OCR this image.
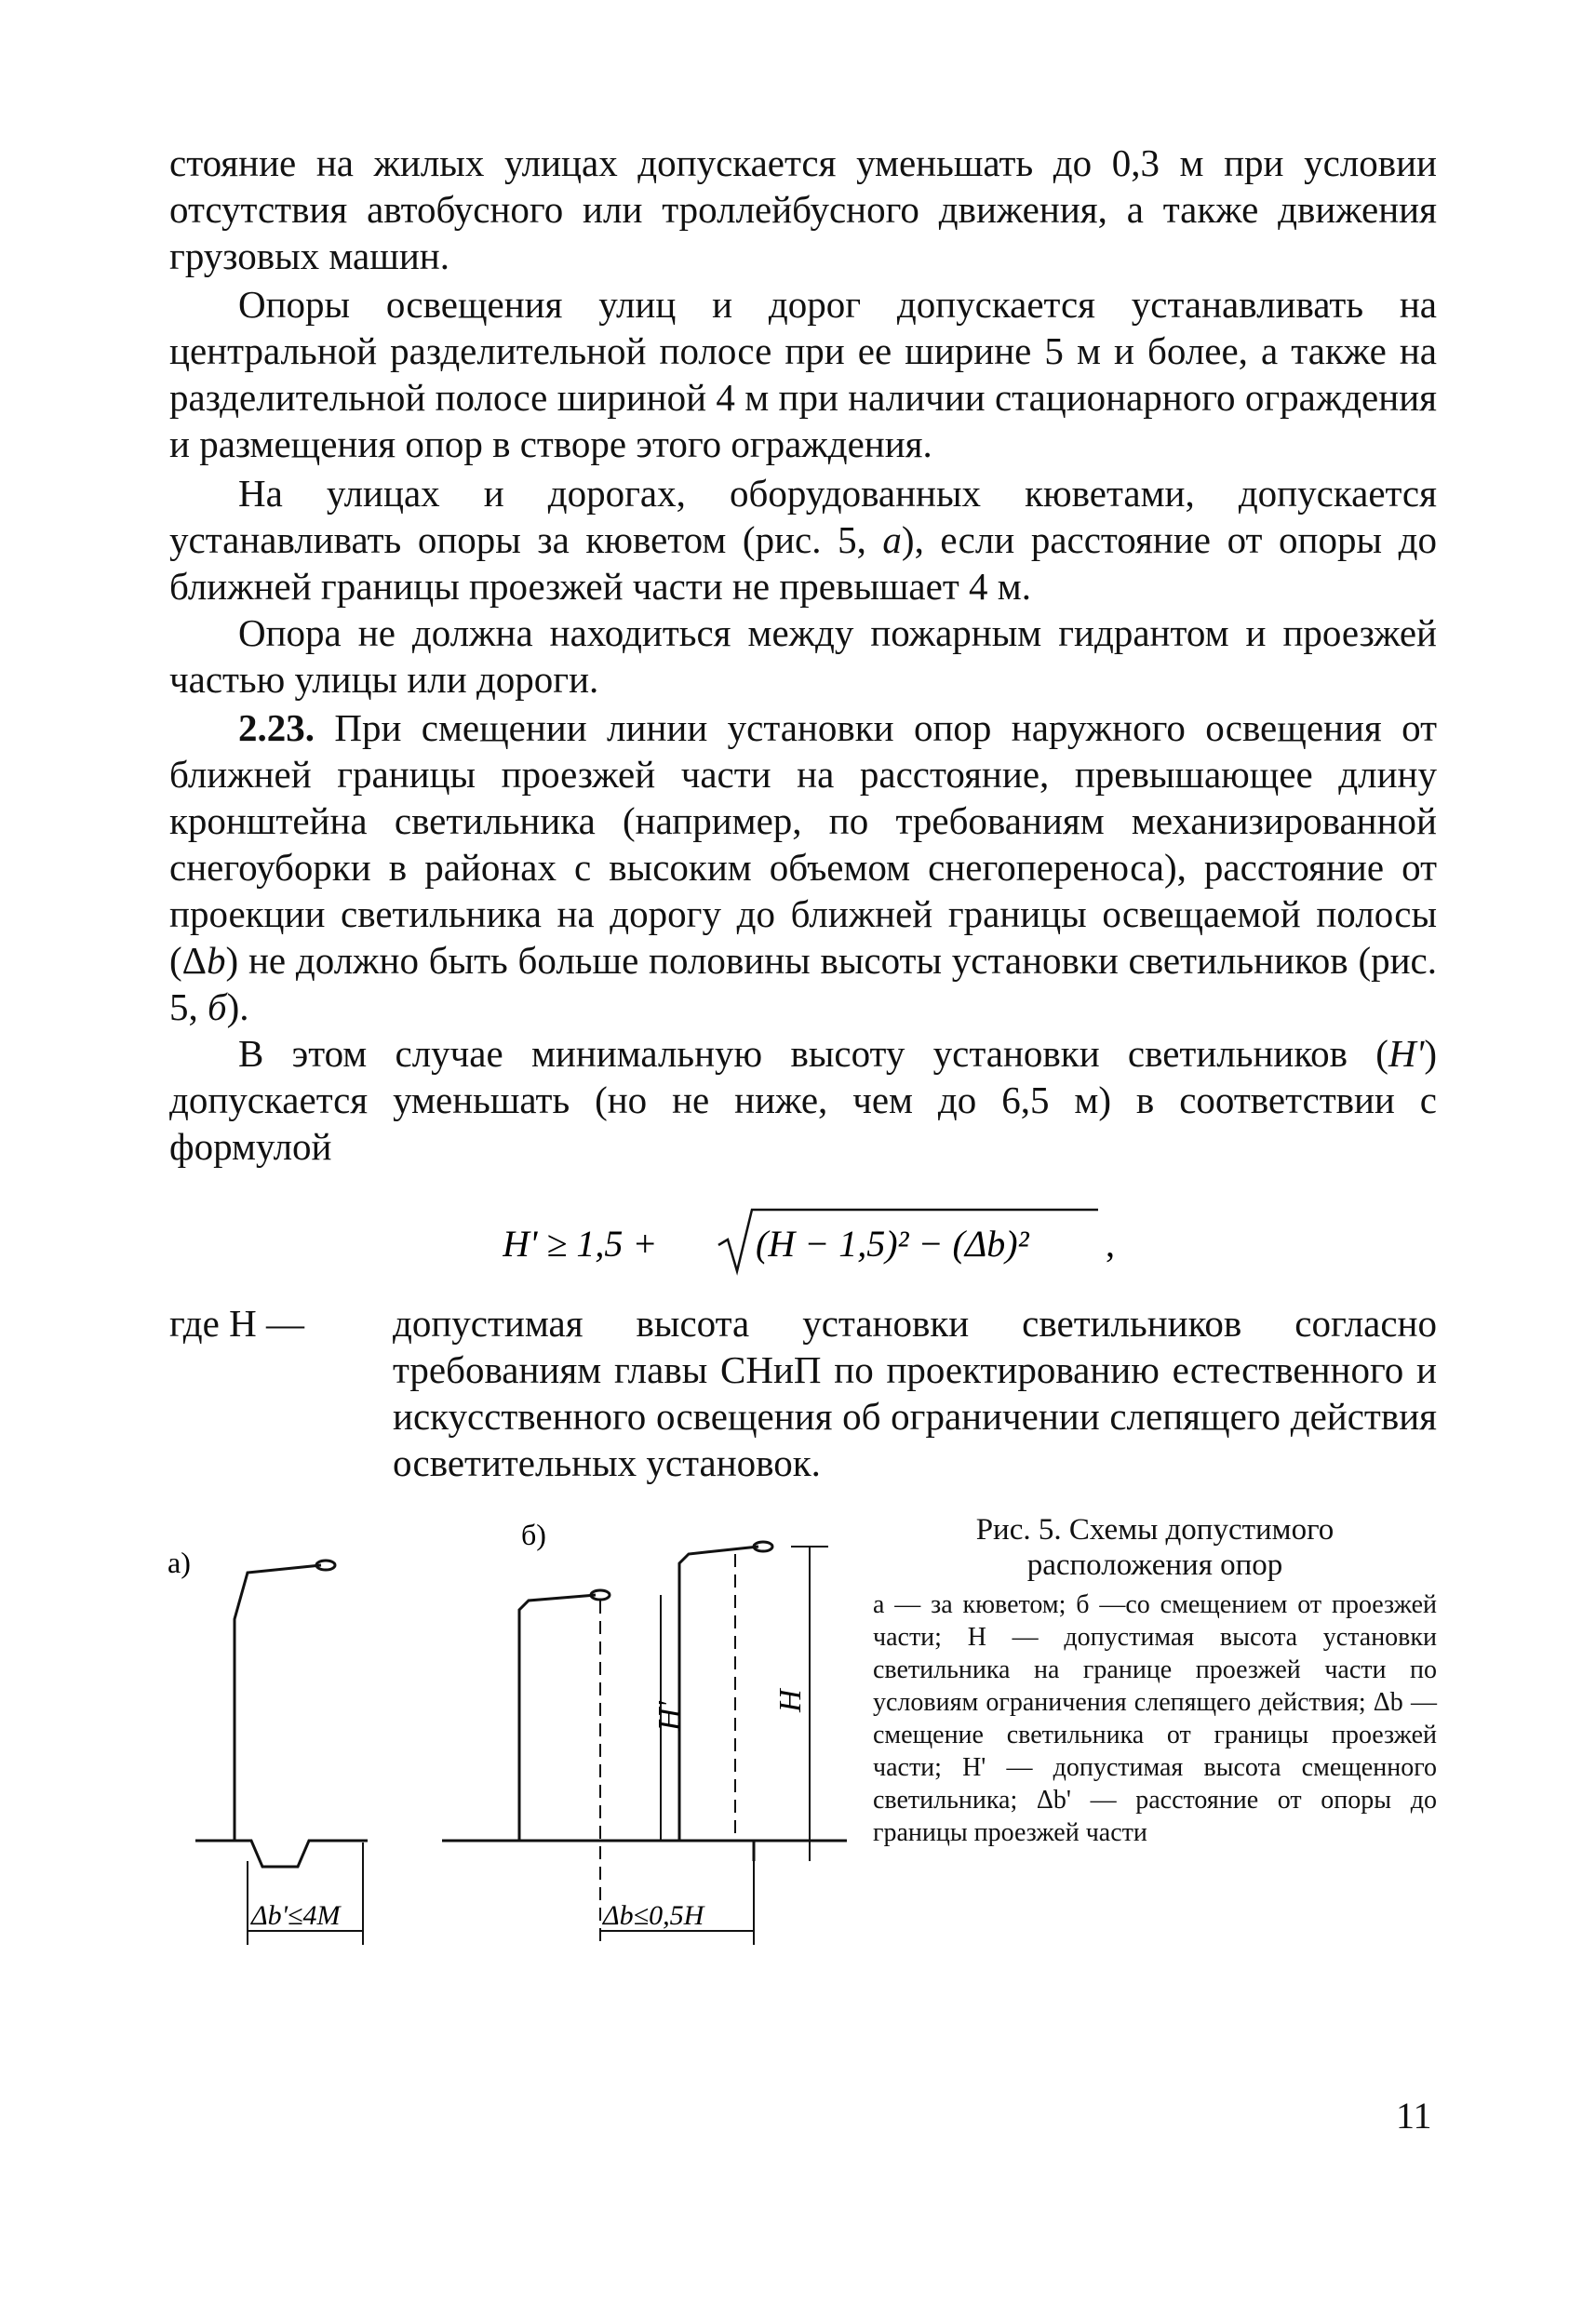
стояние на жилых улицах допускается уменьшать до 0,3 м при условии отсутствия автобусного или троллейбусного движения, а также движения грузовых машин.

Опоры освещения улиц и дорог допускается устанавливать на центральной разделительной полосе при ее ширине 5 м и более, а также на разделительной полосе шириной 4 м при наличии стационарного ограждения и размещения опор в створе этого ограждения.

На улицах и дорогах, оборудованных кюветами, допускается устанавливать опоры за кюветом (рис. 5, а), если расстояние от опоры до ближней границы проезжей части не превышает 4 м.

Опора не должна находиться между пожарным гидрантом и проезжей частью улицы или дороги.

2.23. При смещении линии установки опор наружного освещения от ближней границы проезжей части на расстояние, превышающее длину кронштейна светильника (например, по требованиям механизированной снегоуборки в районах с высоким объемом снегопереноса), расстояние от проекции светильника на дорогу до ближней границы освещаемой полосы (Δb) не должно быть больше половины высоты установки светильников (рис. 5, б).

В этом случае минимальную высоту установки светильников (H') допускается уменьшать (но не ниже, чем до 6,5 м) в соответствии с формулой

H' ≥ 1,5 +	(H − 1,5)² − (Δb)² ,
где H — допустимая высота установки светильников согласно требованиям главы СНиП по проектированию естественного и искусственного освещения об ограничении слепящего действия осветительных установок.
а)
б)
Δb'≤4М	Δb≤0,5H
H'
H

Рис. 5. Схемы допустимого

расположения опор

а — за кюветом; б —со смещением от проезжей части; H — допустимая высота установки светильника на границе проезжей части по условиям ограничения слепящего действия; Δb — смещение светильника от границы проезжей части; H' — допустимая высота смещенного светильника; Δb' — расстояние от опоры до границы проезжей части

11
